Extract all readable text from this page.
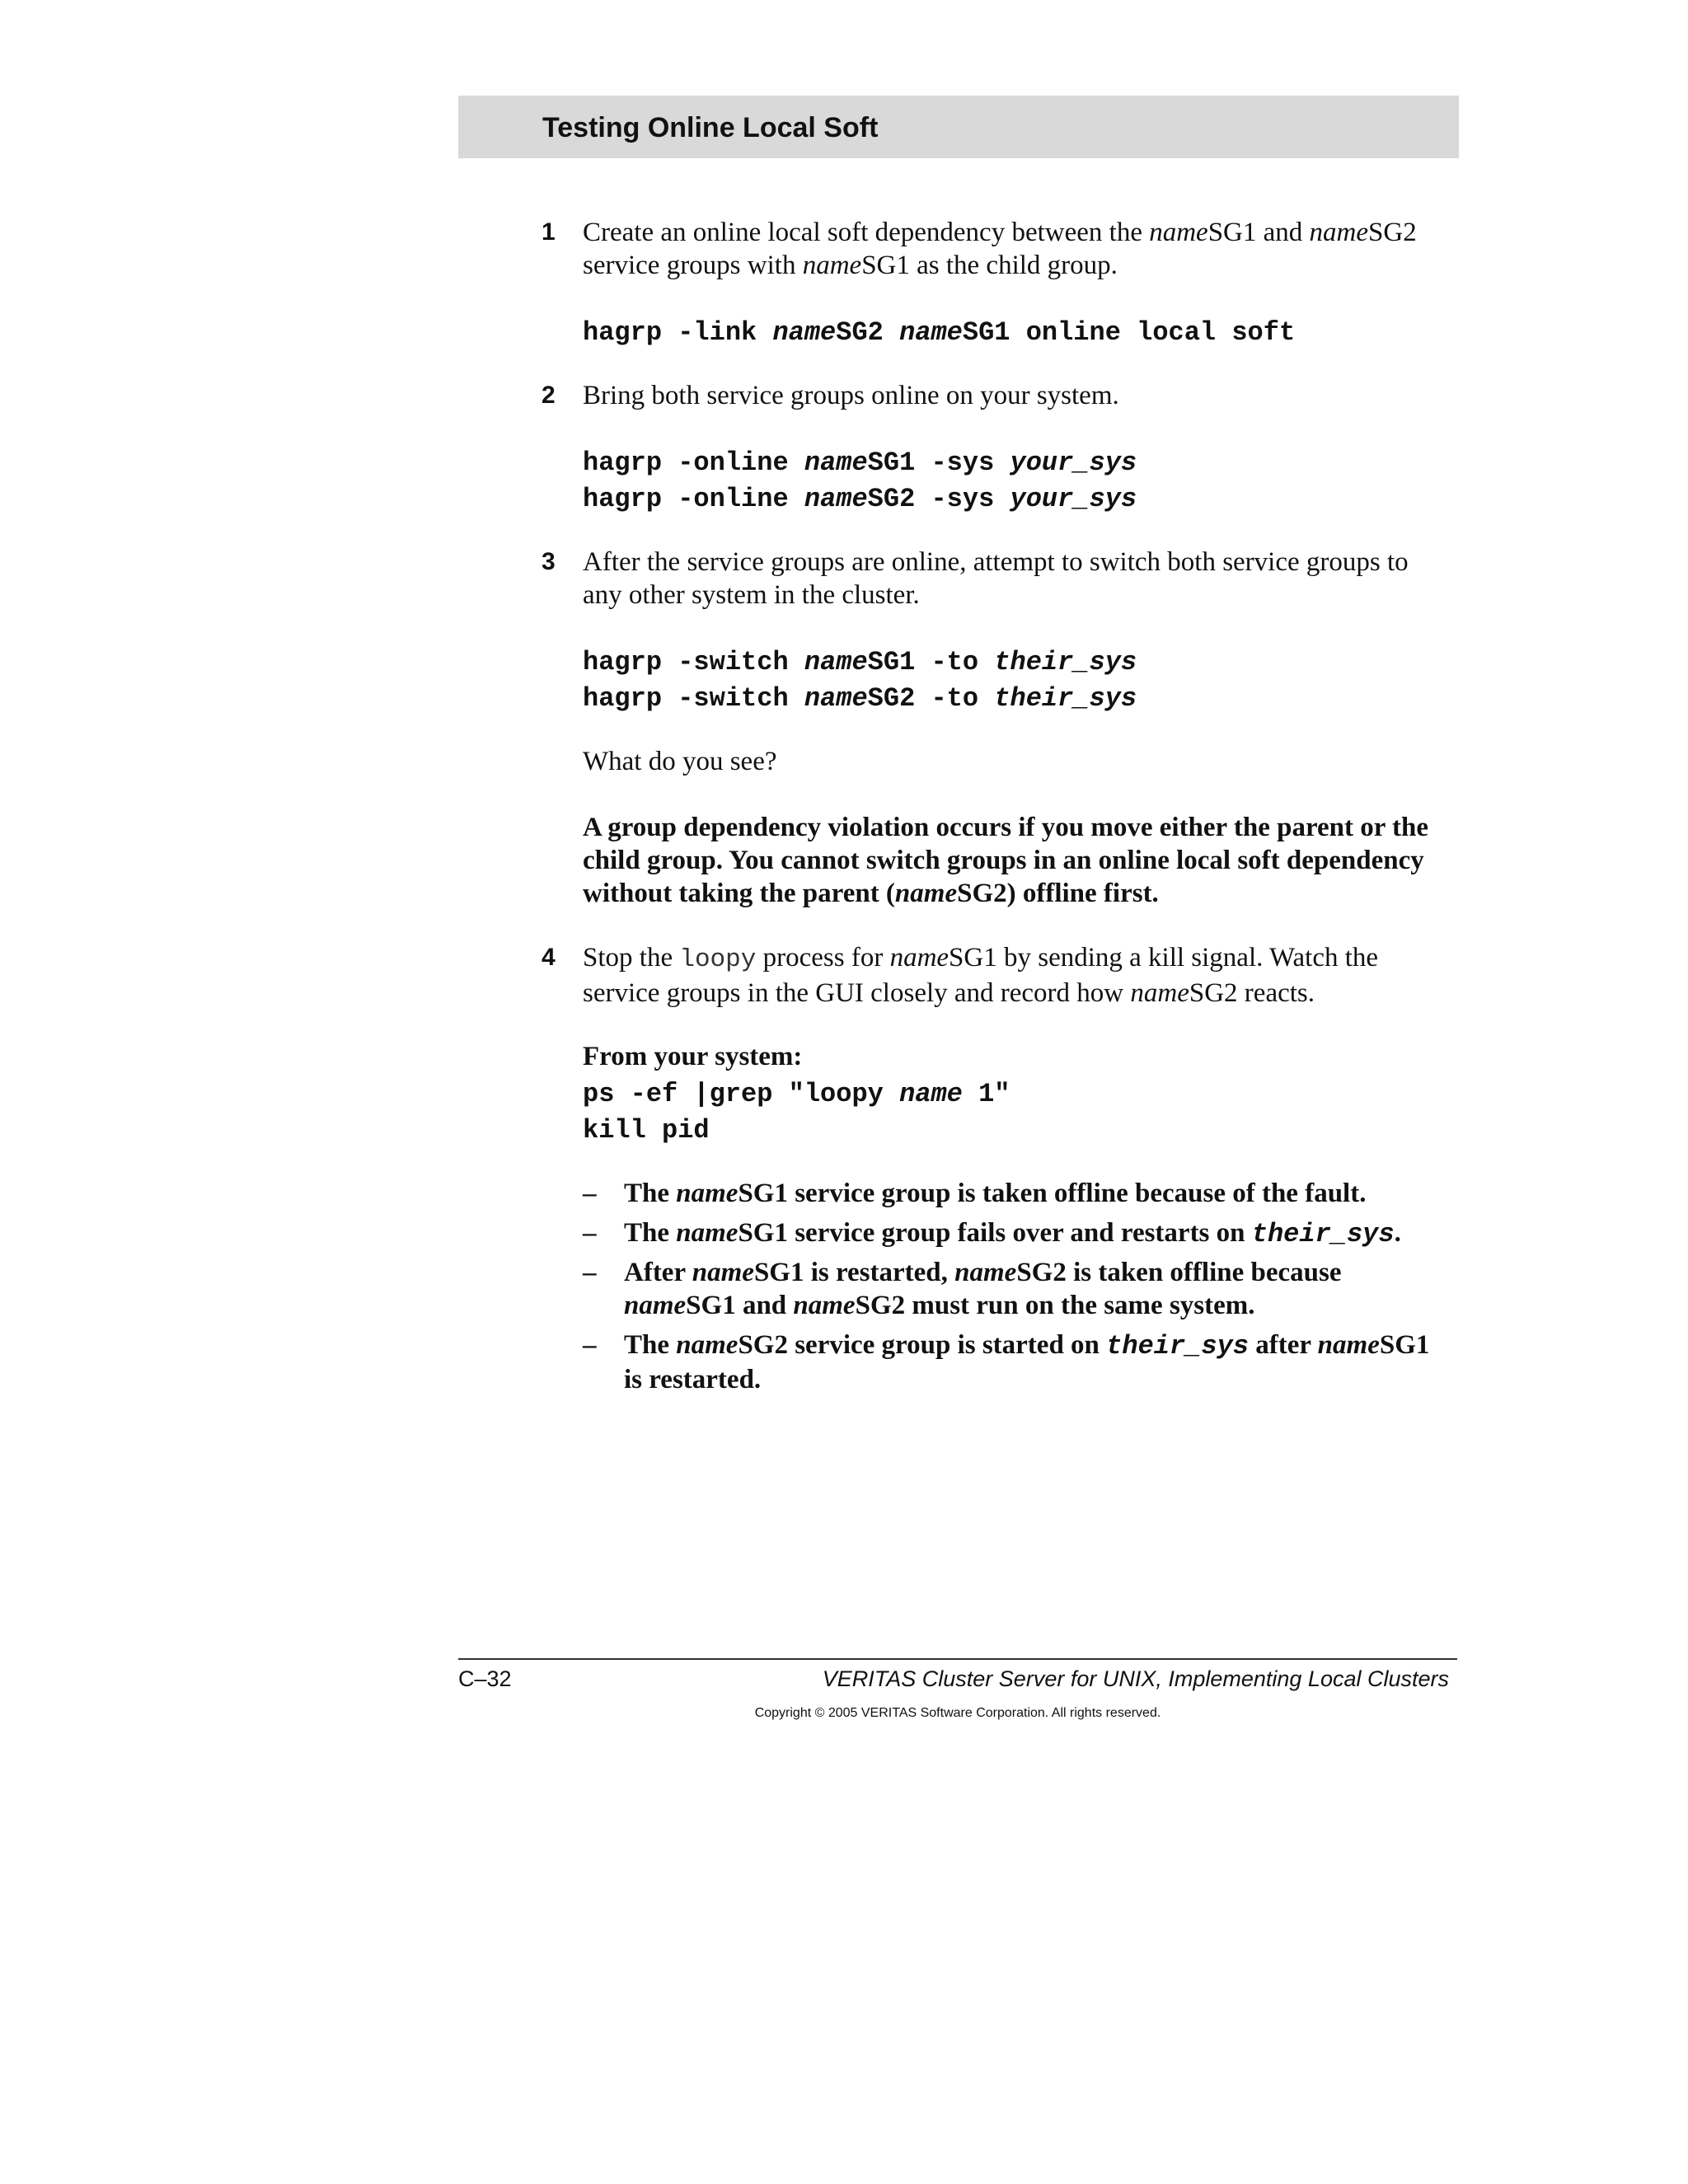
Testing Online Local Soft
1 Create an online local soft dependency between the nameSG1 and nameSG2
service groups with nameSG1 as the child group.
hagrp -link nameSG2 nameSG1 online local soft
2 Bring both service groups online on your system.
hagrp -online nameSG1 -sys your_sys
hagrp -online nameSG2 -sys your_sys
3 After the service groups are online, attempt to switch both service groups to
any other system in the cluster.
hagrp -switch nameSG1 -to their_sys
hagrp -switch nameSG2 -to their_sys
What do you see?
A group dependency violation occurs if you move either the parent or the
child group. You cannot switch groups in an online local soft dependency
without taking the parent (nameSG2) offline first.
4 Stop the loopy process for nameSG1 by sending a kill signal. Watch the
service groups in the GUI closely and record how nameSG2 reacts.
From your system:
ps -ef |grep "loopy name 1"
kill pid
– The nameSG1 service group is taken offline because of the fault.
– The nameSG1 service group fails over and restarts on their_sys.
– After nameSG1 is restarted, nameSG2 is taken offline because
nameSG1 and nameSG2 must run on the same system.
– The nameSG2 service group is started on their_sys after nameSG1
is restarted.
C–32	VERITAS Cluster Server for UNIX, Implementing Local Clusters
Copyright © 2005 VERITAS Software Corporation. All rights reserved.
